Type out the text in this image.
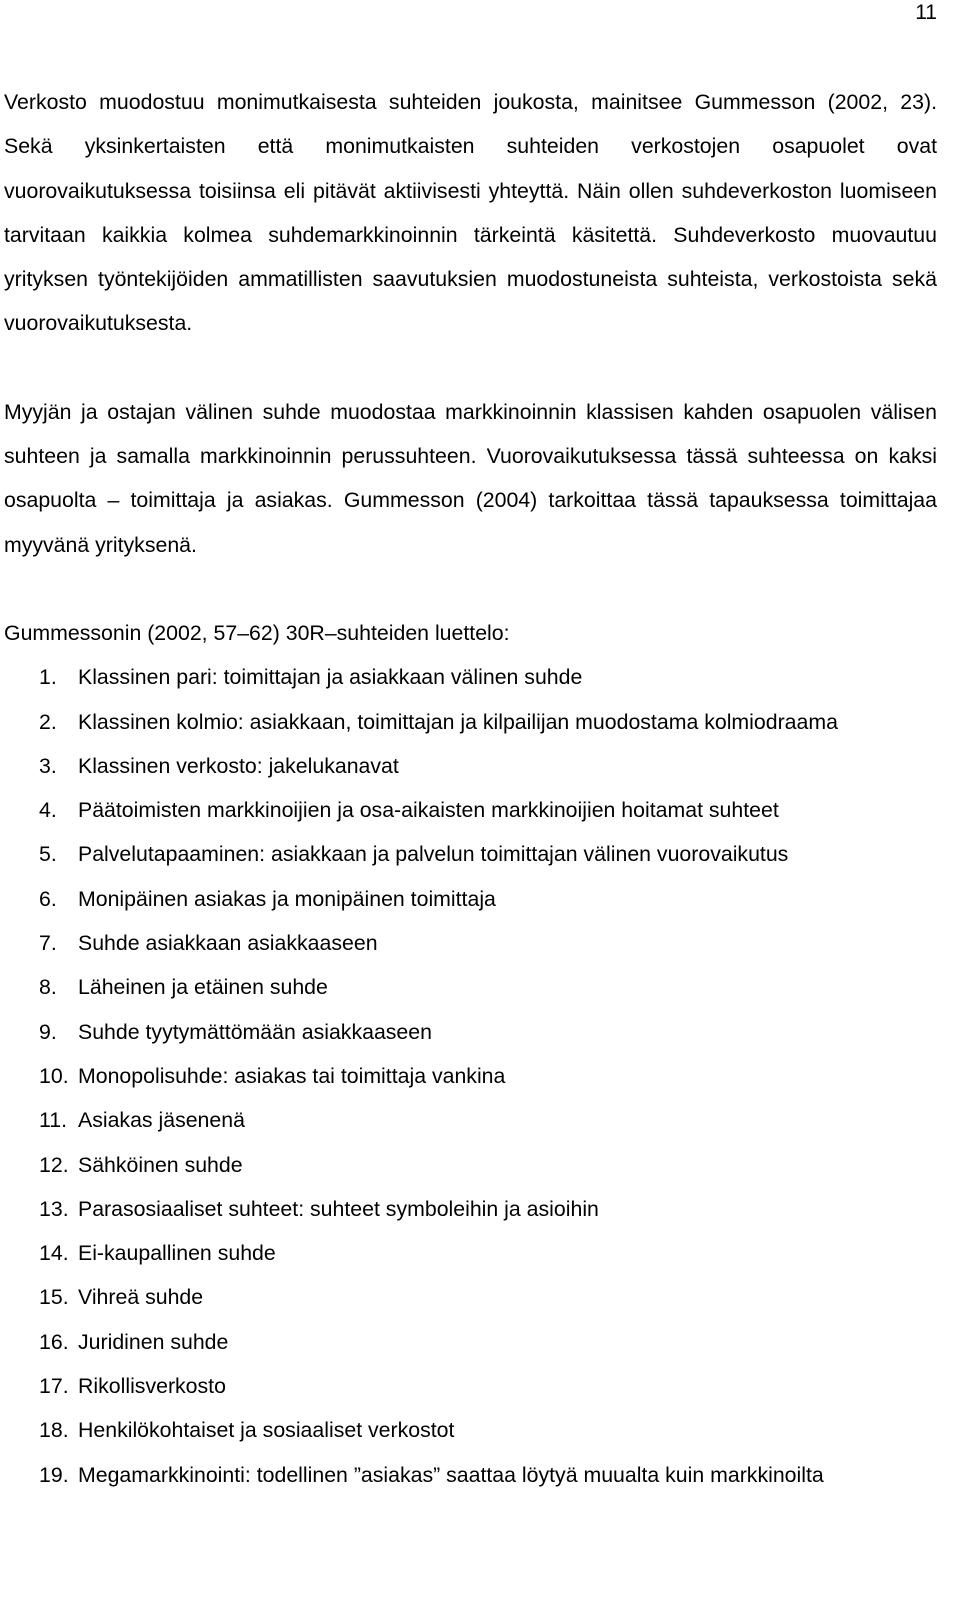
11

Verkosto muodostuu monimutkaisesta suhteiden joukosta, mainitsee Gummesson (2002, 23). Sekä yksinkertaisten että monimutkaisten suhteiden verkostojen osapuolet ovat vuorovaikutuksessa toisiinsa eli pitävät aktiivisesti yhteyttä. Näin ollen suhdeverkoston luomiseen tarvitaan kaikkia kolmea suhdemarkkinoinnin tärkeintä käsitettä. Suhdeverkosto muovautuu yrityksen työntekijöiden ammatillisten saavutuksien muodostuneista suhteista, verkostoista sekä vuorovaikutuksesta.

Myyjän ja ostajan välinen suhde muodostaa markkinoinnin klassisen kahden osapuolen välisen suhteen ja samalla markkinoinnin perussuhteen. Vuorovaikutuksessa tässä suhteessa on kaksi osapuolta – toimittaja ja asiakas. Gummesson (2004) tarkoittaa tässä tapauksessa toimittajaa myyvänä yrityksenä.

Gummessonin (2002, 57–62) 30R–suhteiden luettelo:

1. Klassinen pari: toimittajan ja asiakkaan välinen suhde
2. Klassinen kolmio: asiakkaan, toimittajan ja kilpailijan muodostama kolmiodraama
3. Klassinen verkosto: jakelukanavat
4. Päätoimisten markkinoijien ja osa-aikaisten markkinoijien hoitamat suhteet
5. Palvelutapaaminen: asiakkaan ja palvelun toimittajan välinen vuorovaikutus
6. Monipäinen asiakas ja monipäinen toimittaja
7. Suhde asiakkaan asiakkaaseen
8. Läheinen ja etäinen suhde
9. Suhde tyytymättömään asiakkaaseen
10. Monopolisuhde: asiakas tai toimittaja vankina
11. Asiakas jäsenenä
12. Sähköinen suhde
13. Parasosiaaliset suhteet: suhteet symboleihin ja asioihin
14. Ei-kaupallinen suhde
15. Vihreä suhde
16. Juridinen suhde
17. Rikollisverkosto
18. Henkilökohtaiset ja sosiaaliset verkostot
19. Megamarkkinointi: todellinen ”asiakas” saattaa löytyä muualta kuin markkinoilta
